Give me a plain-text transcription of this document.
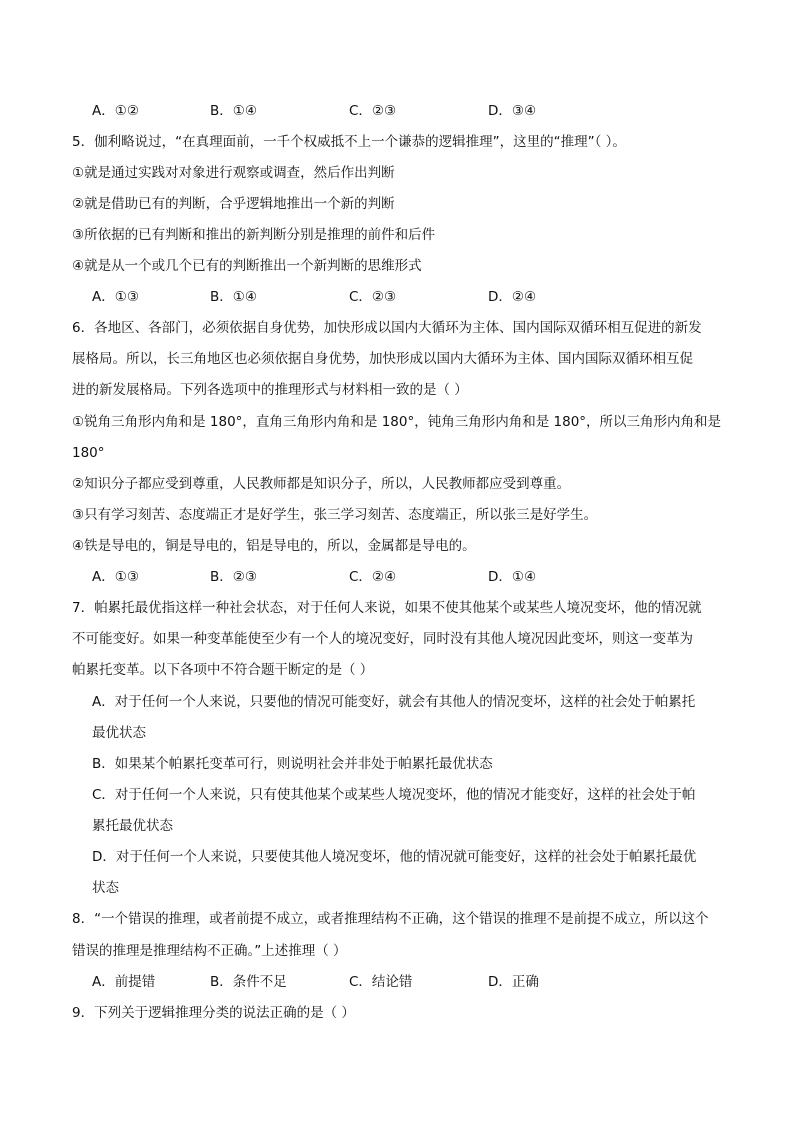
A．①②	B．①④	C．②③	D．③④
5．伽利略说过，“在真理面前，一千个权威抵不上一个谦恭的逻辑推理”，这里的“推理”（ ）。
①就是通过实践对对象进行观察或调查，然后作出判断
②就是借助已有的判断，合乎逻辑地推出一个新的判断
③所依据的已有判断和推出的新判断分别是推理的前件和后件
④就是从一个或几个已有的判断推出一个新判断的思维形式
A．①③	B．①④	C．②③	D．②④
6．各地区、各部门，必须依据自身优势，加快形成以国内大循环为主体、国内国际双循环相互促进的新发
展格局。所以，长三角地区也必须依据自身优势，加快形成以国内大循环为主体、国内国际双循环相互促
进的新发展格局。下列各选项中的推理形式与材料相一致的是（ ）
①锐角三角形内角和是 180°，直角三角形内角和是 180°，钝角三角形内角和是 180°，所以三角形内角和是
180°
②知识分子都应受到尊重，人民教师都是知识分子，所以，人民教师都应受到尊重。
③只有学习刻苦、态度端正才是好学生，张三学习刻苦、态度端正，所以张三是好学生。
④铁是导电的，铜是导电的，铝是导电的，所以，金属都是导电的。
A．①③	B．②③	C．②④	D．①④
7．帕累托最优指这样一种社会状态，对于任何人来说，如果不使其他某个或某些人境况变坏，他的情况就
不可能变好。如果一种变革能使至少有一个人的境况变好，同时没有其他人境况因此变坏，则这一变革为
帕累托变革。以下各项中不符合题干断定的是（ ）
A．对于任何一个人来说，只要他的情况可能变好，就会有其他人的情况变坏，这样的社会处于帕累托
最优状态
B．如果某个帕累托变革可行，则说明社会并非处于帕累托最优状态
C．对于任何一个人来说，只有使其他某个或某些人境况变坏，他的情况才能变好，这样的社会处于帕
累托最优状态
D．对于任何一个人来说，只要使其他人境况变坏，他的情况就可能变好，这样的社会处于帕累托最优
状态
8．“一个错误的推理，或者前提不成立，或者推理结构不正确，这个错误的推理不是前提不成立，所以这个
错误的推理是推理结构不正确。”上述推理（ ）
A．前提错	B．条件不足	C．结论错	D．正确
9．下列关于逻辑推理分类的说法正确的是（ ）
